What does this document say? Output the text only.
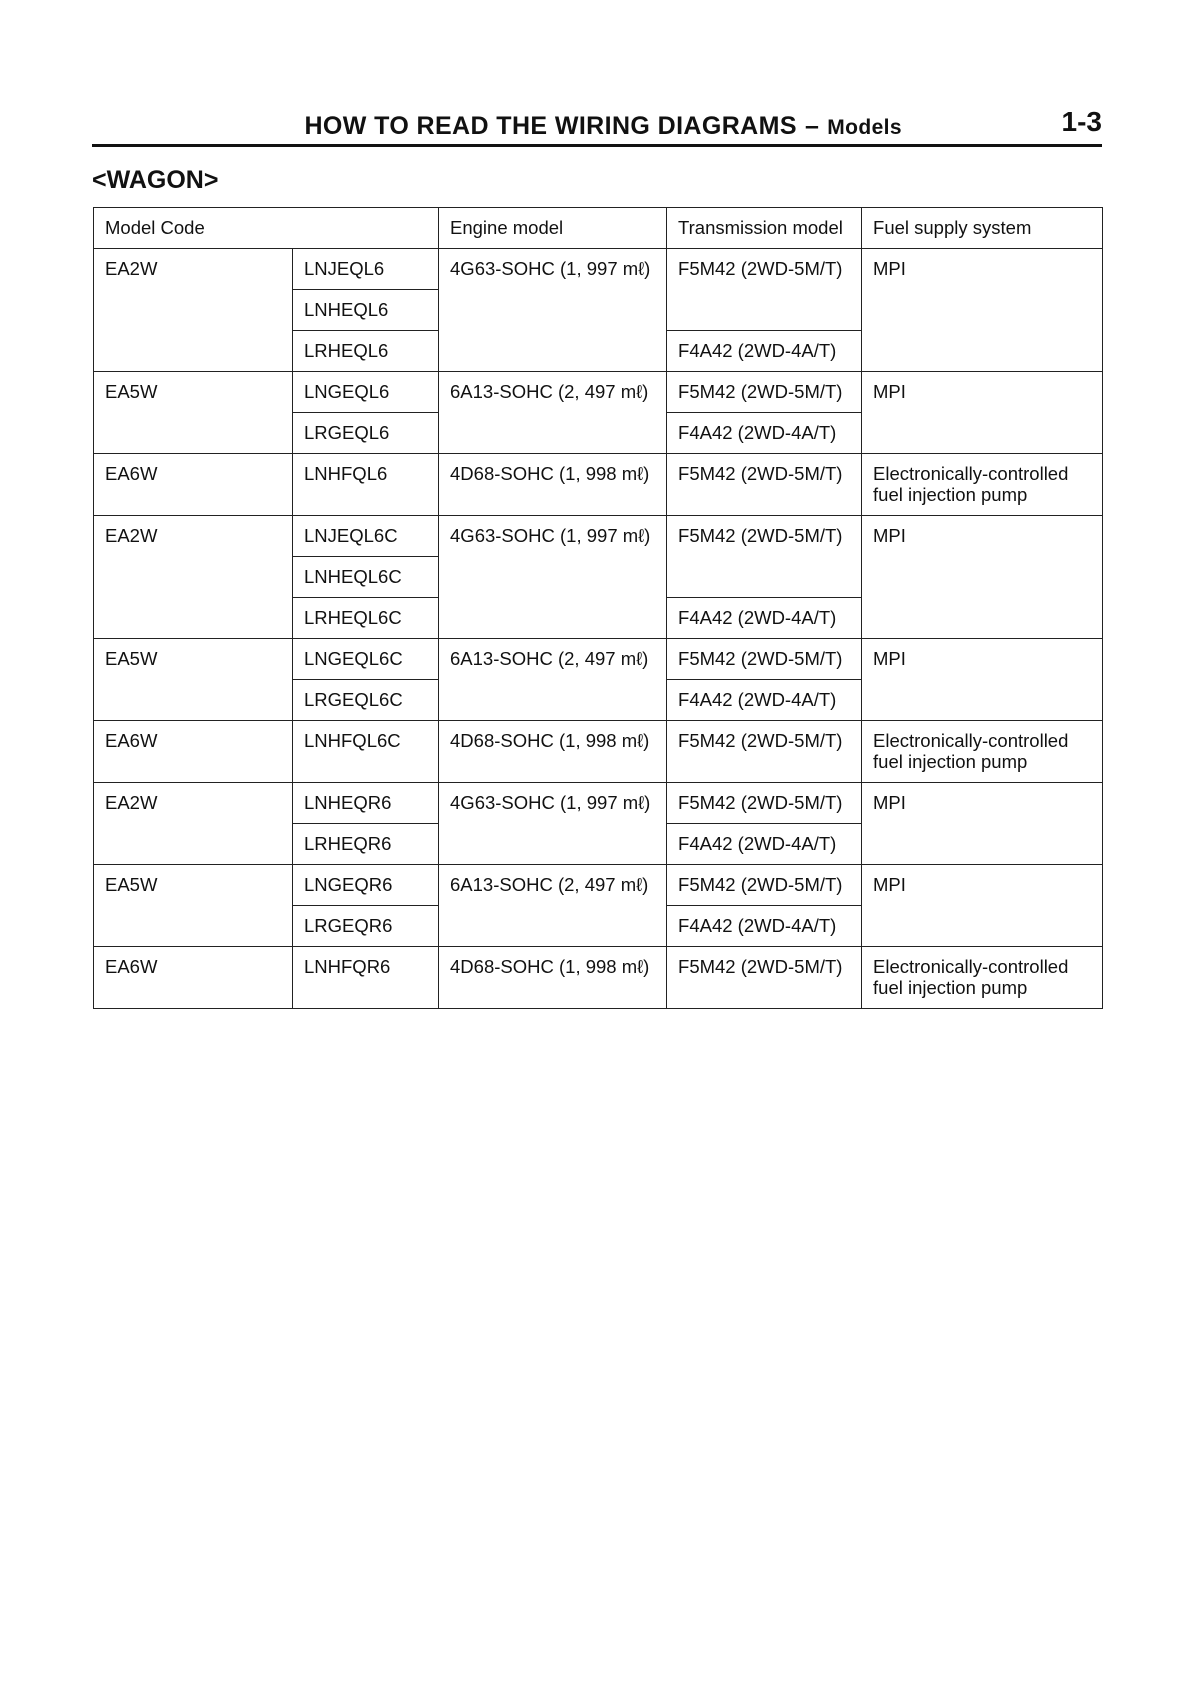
HOW TO READ THE WIRING DIAGRAMS – Models	1-3
<WAGON>
Model Code		Engine model	Transmission model	Fuel supply system
EA2W	LNJEQL6	4G63-SOHC (1, 997 mℓ)	F5M42 (2WD-5M/T)	MPI
	LNHEQL6			
	LRHEQL6		F4A42 (2WD-4A/T)	
EA5W	LNGEQL6	6A13-SOHC (2, 497 mℓ)	F5M42 (2WD-5M/T)	MPI
	LRGEQL6		F4A42 (2WD-4A/T)	
EA6W	LNHFQL6	4D68-SOHC (1, 998 mℓ)	F5M42 (2WD-5M/T)	Electronically-controlled fuel injection pump
EA2W	LNJEQL6C	4G63-SOHC (1, 997 mℓ)	F5M42 (2WD-5M/T)	MPI
	LNHEQL6C			
	LRHEQL6C		F4A42 (2WD-4A/T)	
EA5W	LNGEQL6C	6A13-SOHC (2, 497 mℓ)	F5M42 (2WD-5M/T)	MPI
	LRGEQL6C		F4A42 (2WD-4A/T)	
EA6W	LNHFQL6C	4D68-SOHC (1, 998 mℓ)	F5M42 (2WD-5M/T)	Electronically-controlled fuel injection pump
EA2W	LNHEQR6	4G63-SOHC (1, 997 mℓ)	F5M42 (2WD-5M/T)	MPI
	LRHEQR6		F4A42 (2WD-4A/T)	
EA5W	LNGEQR6	6A13-SOHC (2, 497 mℓ)	F5M42 (2WD-5M/T)	MPI
	LRGEQR6		F4A42 (2WD-4A/T)	
EA6W	LNHFQR6	4D68-SOHC (1, 998 mℓ)	F5M42 (2WD-5M/T)	Electronically-controlled fuel injection pump
